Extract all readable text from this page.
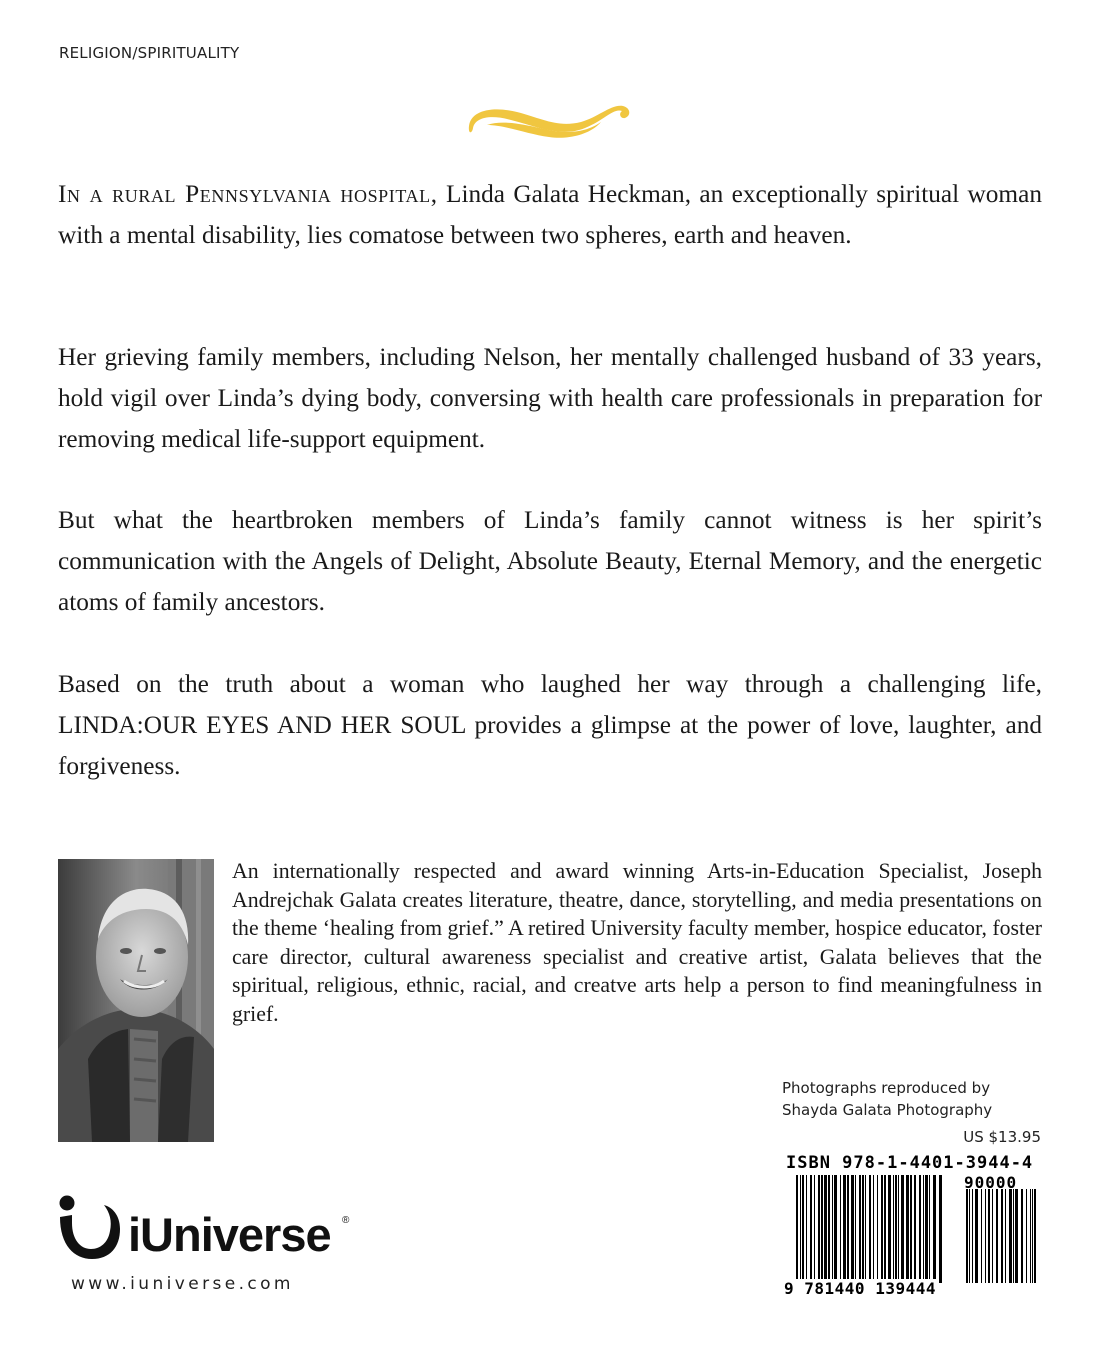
RELIGION/SPIRITUALITY
In a rural Pennsylvania hospital, Linda Galata Heckman, an exceptionally spiritual woman with a mental disability, lies comatose between two spheres, earth and heaven.
Her grieving family members, including Nelson, her mentally challenged husband of 33 years, hold vigil over Linda’s dying body, conversing with health care professionals in preparation for removing medical life-support equipment.
But what the heartbroken members of Linda’s family cannot witness is her spirit’s communication with the Angels of Delight, Absolute Beauty, Eternal Memory, and the energetic atoms of family ancestors.
Based on the truth about a woman who laughed her way through a challenging life, LINDA:OUR EYES AND HER SOUL provides a glimpse at the power of love, laughter, and forgiveness.
An internationally respected and award winning Arts-in-Education Specialist, Joseph Andrejchak Galata creates literature, theatre, dance, storytelling, and media presentations on the theme ‘healing from grief.” A retired University faculty member, hospice educator, foster care director, cultural awareness specialist and creative artist, Galata believes that the spiritual, religious, ethnic, racial, and creatve arts help a person to find meaningfulness in grief.
Photographs reproduced by
Shayda Galata Photography
US $13.95
ISBN 978-1-4401-3944-4
90000
9 781440 139444
iUniverse ®
www.iuniverse.com
